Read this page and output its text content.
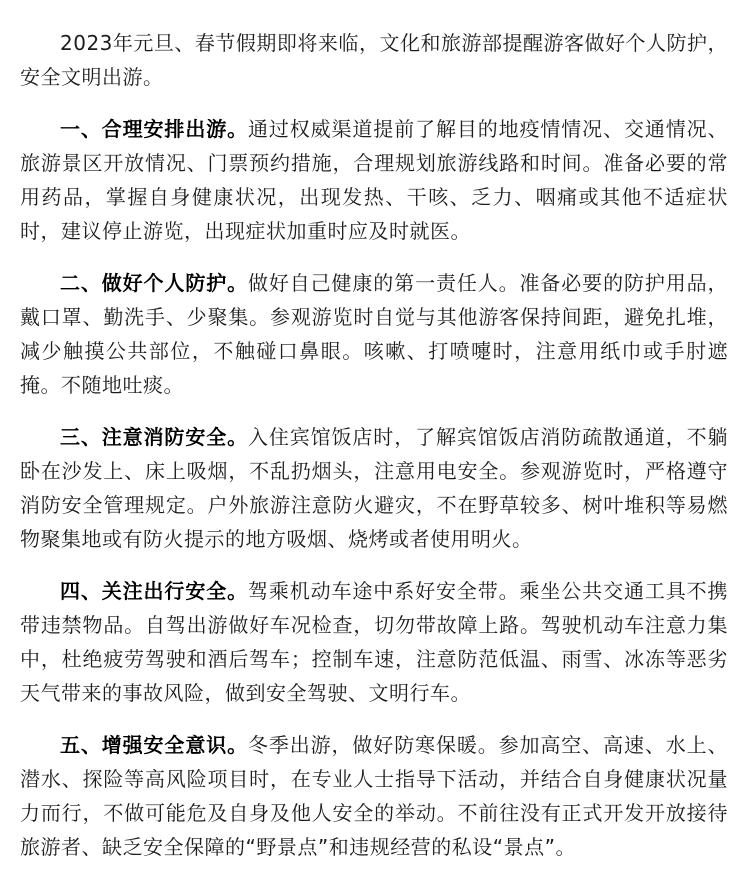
2023年元旦、春节假期即将来临，文化和旅游部提醒游客做好个人防护，安全文明出游。

一、合理安排出游。通过权威渠道提前了解目的地疫情情况、交通情况、旅游景区开放情况、门票预约措施，合理规划旅游线路和时间。准备必要的常用药品，掌握自身健康状况，出现发热、干咳、乏力、咽痛或其他不适症状时，建议停止游览，出现症状加重时应及时就医。

二、做好个人防护。做好自己健康的第一责任人。准备必要的防护用品，戴口罩、勤洗手、少聚集。参观游览时自觉与其他游客保持间距，避免扎堆，减少触摸公共部位，不触碰口鼻眼。咳嗽、打喷嚏时，注意用纸巾或手肘遮掩。不随地吐痰。

三、注意消防安全。入住宾馆饭店时，了解宾馆饭店消防疏散通道，不躺卧在沙发上、床上吸烟，不乱扔烟头，注意用电安全。参观游览时，严格遵守消防安全管理规定。户外旅游注意防火避灾，不在野草较多、树叶堆积等易燃物聚集地或有防火提示的地方吸烟、烧烤或者使用明火。

四、关注出行安全。驾乘机动车途中系好安全带。乘坐公共交通工具不携带违禁物品。自驾出游做好车况检查，切勿带故障上路。驾驶机动车注意力集中，杜绝疲劳驾驶和酒后驾车；控制车速，注意防范低温、雨雪、冰冻等恶劣天气带来的事故风险，做到安全驾驶、文明行车。

五、增强安全意识。冬季出游，做好防寒保暖。参加高空、高速、水上、潜水、探险等高风险项目时，在专业人士指导下活动，并结合自身健康状况量力而行，不做可能危及自身及他人安全的举动。不前往没有正式开发开放接待旅游者、缺乏安全保障的“野景点”和违规经营的私设“景点”。
